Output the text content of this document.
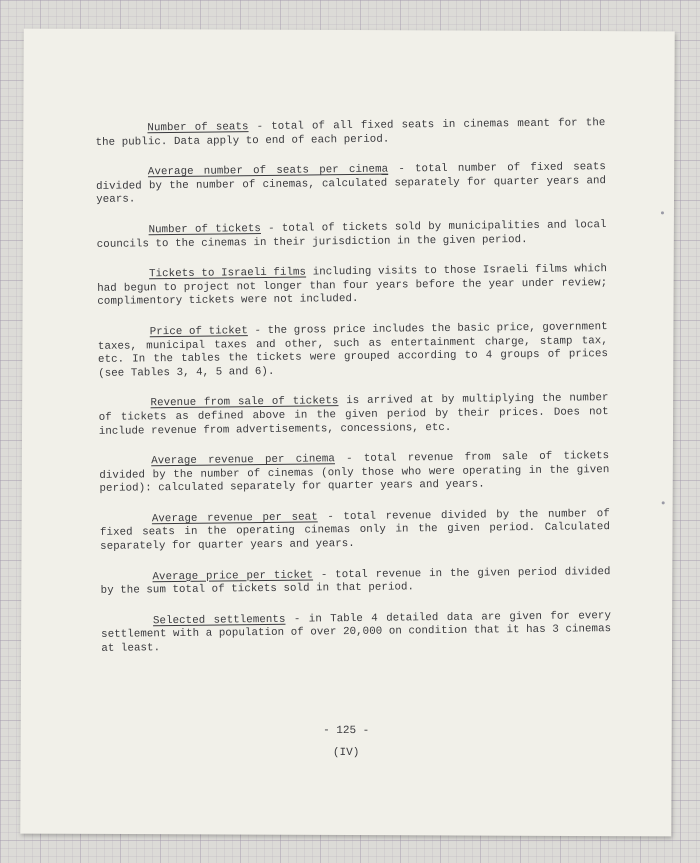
Number of seats - total of all fixed seats in cinemas meant for the the public. Data apply to end of each period.

Average number of seats per cinema - total number of fixed seats divided by the number of cinemas, calculated separately for quarter years and years.

Number of tickets - total of tickets sold by municipalities and local councils to the cinemas in their jurisdiction in the given period.

Tickets to Israeli films including visits to those Israeli films which had begun to project not longer than four years before the year under review; complimentory tickets were not included.

Price of ticket - the gross price includes the basic price, government taxes, municipal taxes and other, such as entertainment charge, stamp tax, etc. In the tables the tickets were grouped according to 4 groups of prices (see Tables 3, 4, 5 and 6).

Revenue from sale of tickets is arrived at by multiplying the number of tickets as defined above in the given period by their prices. Does not include revenue from advertisements, concessions, etc.

Average revenue per cinema - total revenue from sale of tickets divided by the number of cinemas (only those who were operating in the given period): calculated separately for quarter years and years.

Average revenue per seat - total revenue divided by the number of fixed seats in the operating cinemas only in the given period. Calculated separately for quarter years and years.

Average price per ticket - total revenue in the given period divided by the sum total of tickets sold in that period.

Selected settlements - in Table 4 detailed data are given for every settlement with a population of over 20,000 on condition that it has 3 cinemas at least.

- 125 -
(IV)
